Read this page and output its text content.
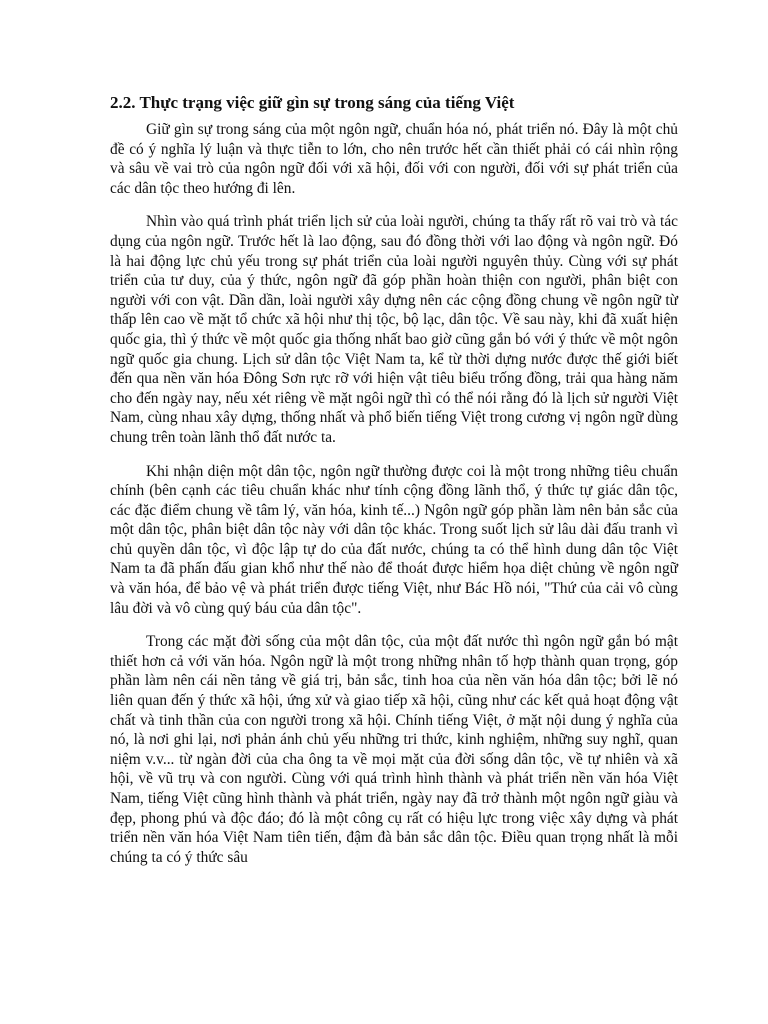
2.2. Thực trạng việc giữ gìn sự trong sáng của tiếng Việt

Giữ gìn sự trong sáng của một ngôn ngữ, chuẩn hóa nó, phát triển nó. Đây là một chủ đề có ý nghĩa lý luận và thực tiễn to lớn, cho nên trước hết cần thiết phải có cái nhìn rộng và sâu về vai trò của ngôn ngữ đối với xã hội, đối với con người, đối với sự phát triển của các dân tộc theo hướng đi lên.

Nhìn vào quá trình phát triển lịch sử của loài người, chúng ta thấy rất rõ vai trò và tác dụng của ngôn ngữ. Trước hết là lao động, sau đó đồng thời với lao động và ngôn ngữ. Đó là hai động lực chủ yếu trong sự phát triển của loài người nguyên thủy. Cùng với sự phát triển của tư duy, của ý thức, ngôn ngữ đã góp phần hoàn thiện con người, phân biệt con người với con vật. Dần dần, loài người xây dựng nên các cộng đồng chung về ngôn ngữ từ thấp lên cao về mặt tổ chức xã hội như thị tộc, bộ lạc, dân tộc. Về sau này, khi đã xuất hiện quốc gia, thì ý thức về một quốc gia thống nhất bao giờ cũng gắn bó với ý thức về một ngôn ngữ quốc gia chung. Lịch sử dân tộc Việt Nam ta, kể từ thời dựng nước được thế giới biết đến qua nền văn hóa Đông Sơn rực rỡ với hiện vật tiêu biểu trống đồng, trải qua hàng năm cho đến ngày nay, nếu xét riêng về mặt ngôi ngữ thì có thể nói rằng đó là lịch sử người Việt Nam, cùng nhau xây dựng, thống nhất và phổ biến tiếng Việt trong cương vị ngôn ngữ dùng chung trên toàn lãnh thổ đất nước ta.

Khi nhận diện một dân tộc, ngôn ngữ thường được coi là một trong những tiêu chuẩn chính (bên cạnh các tiêu chuẩn khác như tính cộng đồng lãnh thổ, ý thức tự giác dân tộc, các đặc điểm chung về tâm lý, văn hóa, kinh tế...) Ngôn ngữ góp phần làm nên bản sắc của một dân tộc, phân biệt dân tộc này với dân tộc khác. Trong suốt lịch sử lâu dài đấu tranh vì chủ quyền dân tộc, vì độc lập tự do của đất nước, chúng ta có thể hình dung dân tộc Việt Nam ta đã phấn đấu gian khổ như thế nào để thoát được hiểm họa diệt chủng về ngôn ngữ và văn hóa, để bảo vệ và phát triển được tiếng Việt, như Bác Hồ nói, "Thứ của cải vô cùng lâu đời và vô cùng quý báu của dân tộc".

Trong các mặt đời sống của một dân tộc, của một đất nước thì ngôn ngữ gắn bó mật thiết hơn cả với văn hóa. Ngôn ngữ là một trong những nhân tố hợp thành quan trọng, góp phần làm nên cái nền tảng về giá trị, bản sắc, tinh hoa của nền văn hóa dân tộc; bởi lẽ nó liên quan đến ý thức xã hội, ứng xử và giao tiếp xã hội, cũng như các kết quả hoạt động vật chất và tinh thần của con người trong xã hội. Chính tiếng Việt, ở mặt nội dung ý nghĩa của nó, là nơi ghi lại, nơi phản ánh chủ yếu những tri thức, kinh nghiệm, những suy nghĩ, quan niệm v.v... từ ngàn đời của cha ông ta về mọi mặt của đời sống dân tộc, về tự nhiên và xã hội, về vũ trụ và con người. Cùng với quá trình hình thành và phát triển nền văn hóa Việt Nam, tiếng Việt cũng hình thành và phát triển, ngày nay đã trở thành một ngôn ngữ giàu và đẹp, phong phú và độc đáo; đó là một công cụ rất có hiệu lực trong việc xây dựng và phát triển nền văn hóa Việt Nam tiên tiến, đậm đà bản sắc dân tộc. Điều quan trọng nhất là mỗi chúng ta có ý thức sâu
